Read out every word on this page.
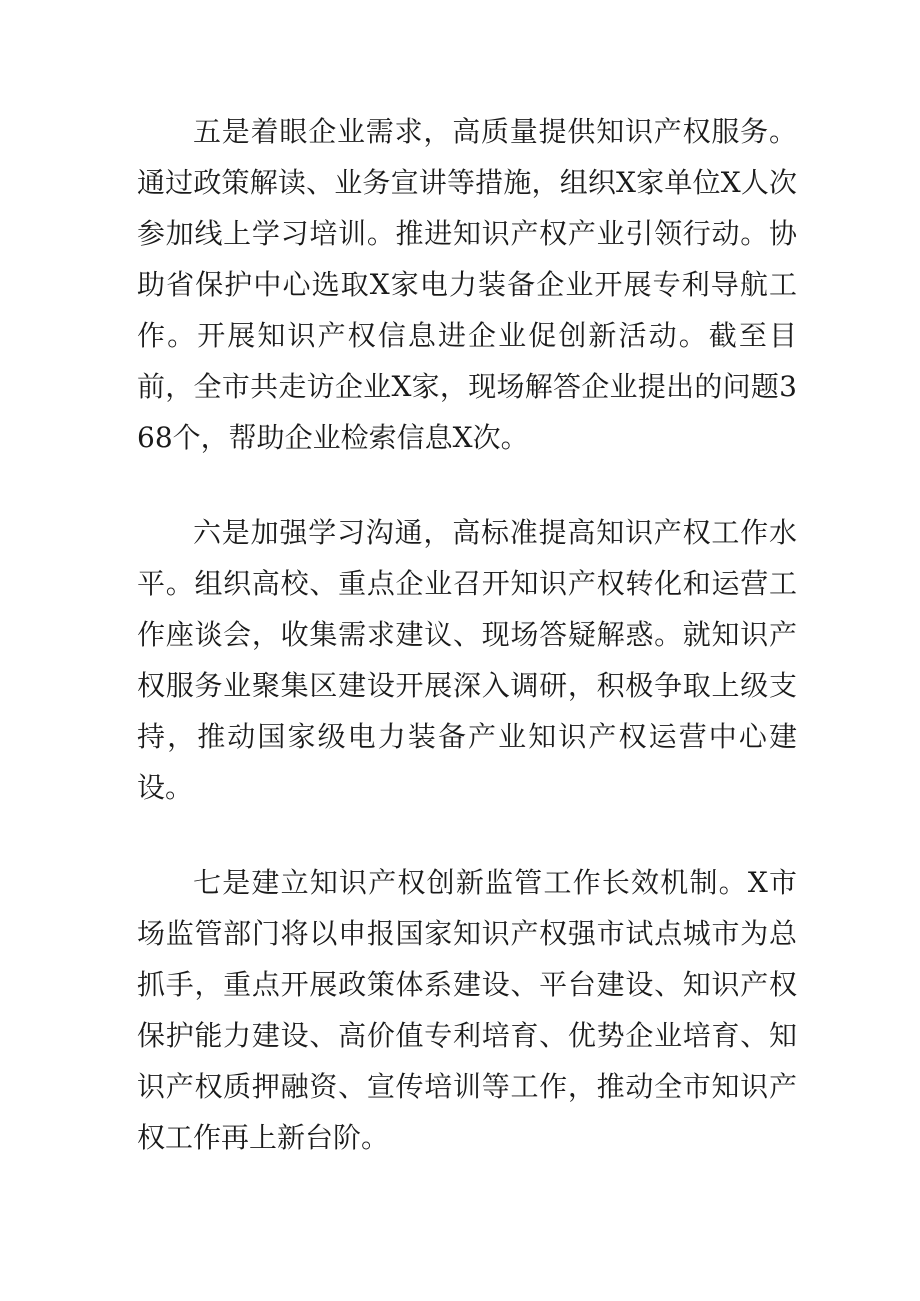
五是着眼企业需求，高质量提供知识产权服务。通过政策解读、业务宣讲等措施，组织X家单位X人次参加线上学习培训。推进知识产权产业引领行动。协助省保护中心选取X家电力装备企业开展专利导航工作。开展知识产权信息进企业促创新活动。截至目前，全市共走访企业X家，现场解答企业提出的问题368个，帮助企业检索信息X次。

六是加强学习沟通，高标准提高知识产权工作水平。组织高校、重点企业召开知识产权转化和运营工作座谈会，收集需求建议、现场答疑解惑。就知识产权服务业聚集区建设开展深入调研，积极争取上级支持，推动国家级电力装备产业知识产权运营中心建设。

七是建立知识产权创新监管工作长效机制。X市场监管部门将以申报国家知识产权强市试点城市为总抓手，重点开展政策体系建设、平台建设、知识产权保护能力建设、高价值专利培育、优势企业培育、知识产权质押融资、宣传培训等工作，推动全市知识产权工作再上新台阶。
